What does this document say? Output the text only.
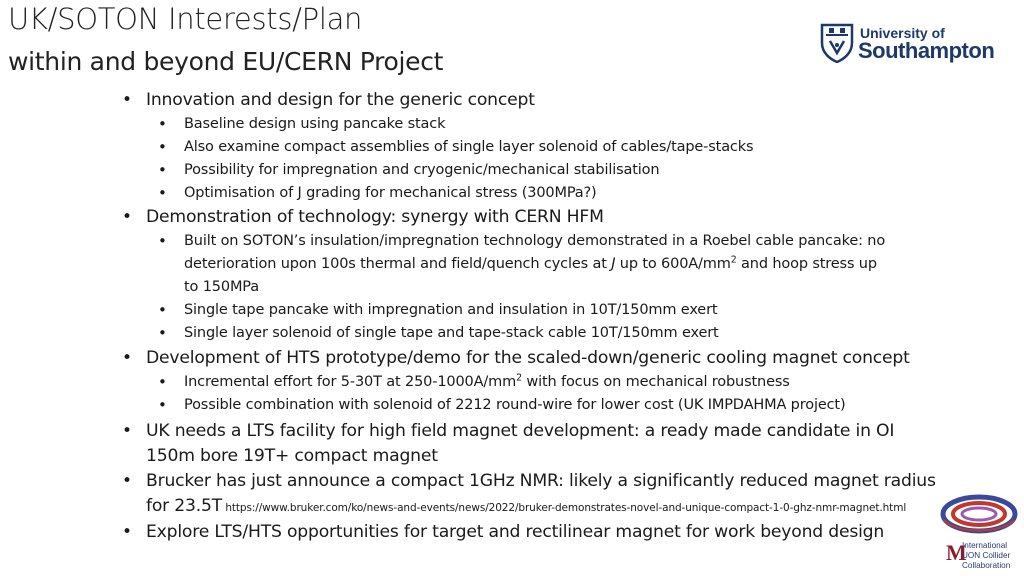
UK/SOTON Interests/Plan
within and beyond EU/CERN Project
University of
Southampton
• Innovation and design for the generic concept
• Baseline design using pancake stack
• Also examine compact assemblies of single layer solenoid of cables/tape-stacks
• Possibility for impregnation and cryogenic/mechanical stabilisation
• Optimisation of J grading for mechanical stress (300MPa?)
• Demonstration of technology: synergy with CERN HFM
• Built on SOTON’s insulation/impregnation technology demonstrated in a Roebel cable pancake: no
deterioration upon 100s thermal and field/quench cycles at J up to $600A/mm^2$ and hoop stress up
to 150MPa
• Single tape pancake with impregnation and insulation in 10T/150mm exert
• Single layer solenoid of single tape and tape-stack cable 10T/150mm exert
• Development of HTS prototype/demo for the scaled-down/generic cooling magnet concept
• Incremental effort for 5-30T at $250-1000A/mm^2$ with focus on mechanical robustness
• Possible combination with solenoid of 2212 round-wire for lower cost (UK IMPDAHMA project)
• UK needs a LTS facility for high field magnet development: a ready made candidate in OI
150m bore 19T+ compact magnet
• Brucker has just announce a compact 1GHz NMR: likely a significantly reduced magnet radius
for 23.5T https://www.bruker.com/ko/news-and-events/news/2022/bruker-demonstrates-novel-and-unique-compact-1-0-ghz-nmr-magnet.html
• Explore LTS/HTS opportunities for target and rectilinear magnet for work beyond design
M
International
UON Collider
Collaboration
